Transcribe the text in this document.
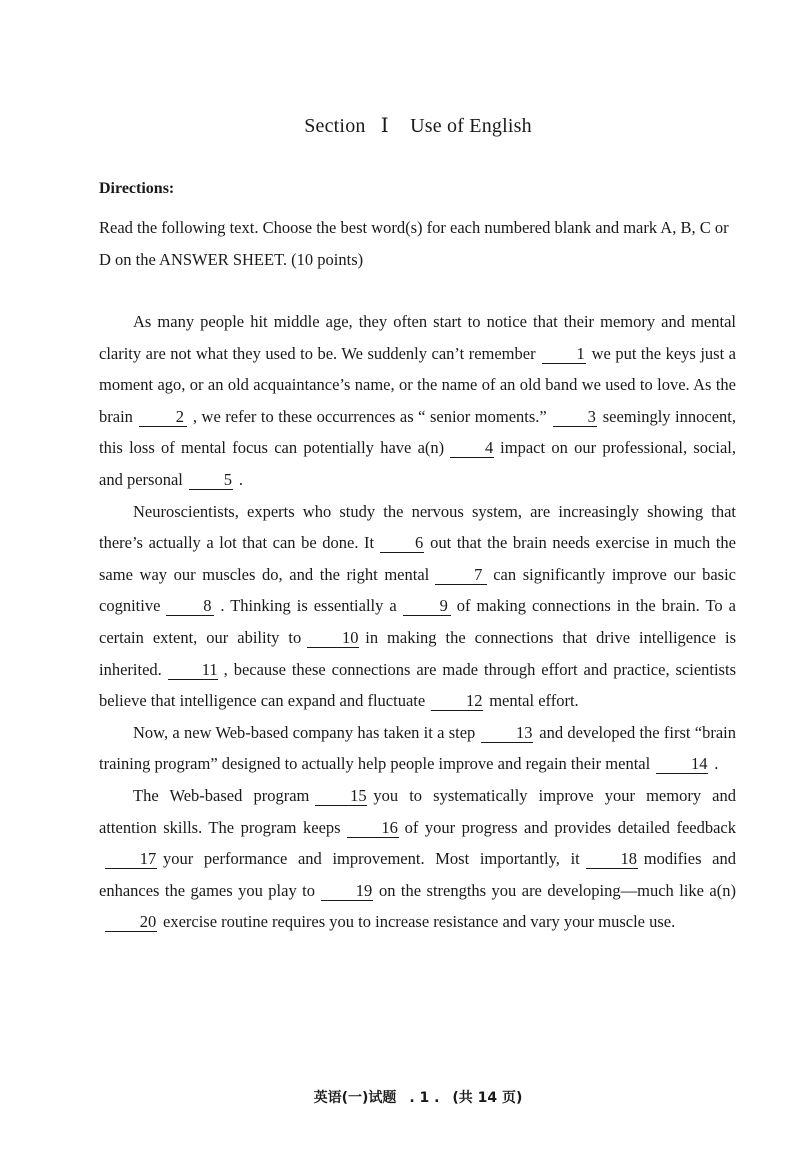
Section Ⅰ Use of English
Directions:
Read the following text. Choose the best word(s) for each numbered blank and mark A, B, C or D on the ANSWER SHEET. (10 points)

As many people hit middle age, they often start to notice that their memory and mental clarity are not what they used to be. We suddenly can’t remember 1 we put the keys just a moment ago, or an old acquaintance’s name, or the name of an old band we used to love. As the brain	2 , we refer to these occurrences as “ senior moments.” 3 seemingly innocent, this loss of mental focus can potentially have a(n) 4 impact on our professional, social, and personal 5 .

Neuroscientists, experts who study the nervous system, are increasingly showing that there’s actually a lot that can be done. It 6 out that the brain needs exercise in much the same way our muscles do, and the right mental	7 can significantly improve our basic cognitive	8 . Thinking is essentially a	9 of making connections in the brain. To a certain extent, our ability to 10 in making the connections that drive intelligence is inherited. 11 , because these connections are made through effort and practice, scientists believe that intelligence can expand and fluctuate 12 mental effort.

Now, a new Web-based company has taken it a step 13 and developed the first “brain training program” designed to actually help people improve and regain their mental 14 .

The Web-based program 15 you to systematically improve your memory and attention skills. The program keeps 16 of your progress and provides detailed feedback17 your performance and improvement. Most importantly, it 18 modifies and enhances the games you play to 19 on the strengths you are developing—much like a(n)20 exercise routine requires you to increase resistance and vary your muscle use.

英语(一)试题 . 1 . (共 14 页)
